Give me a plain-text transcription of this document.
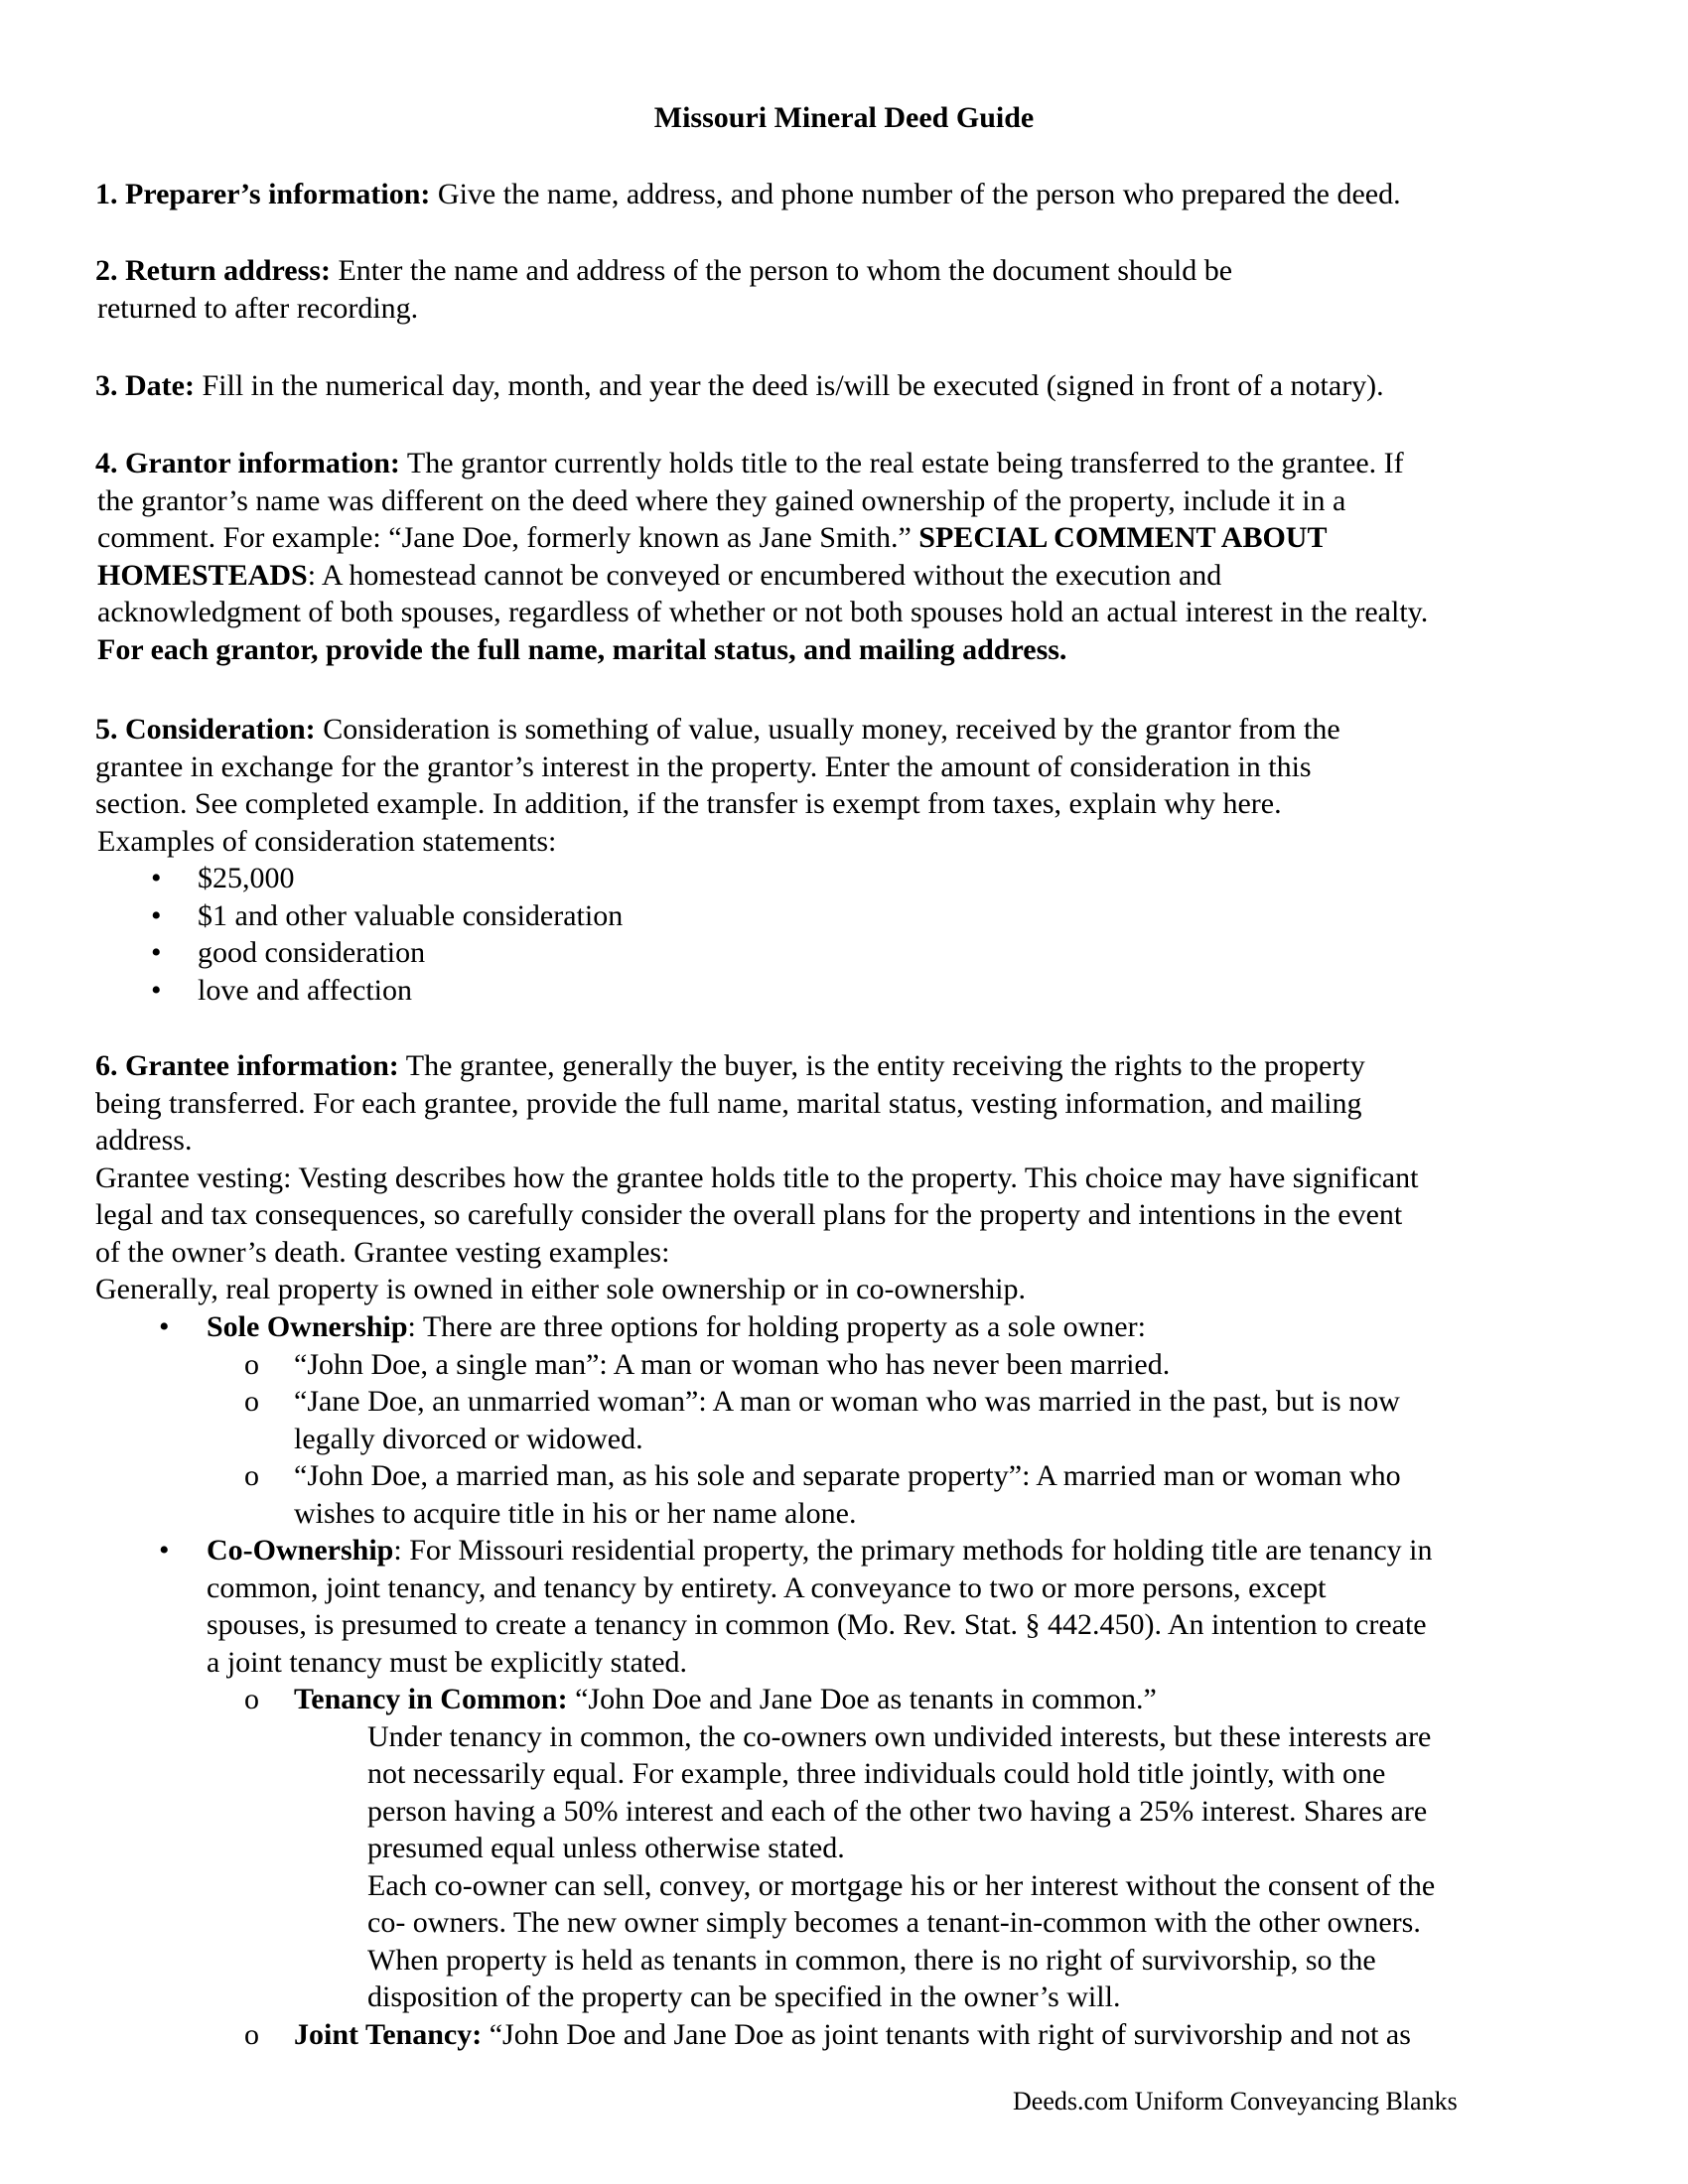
Missouri Mineral Deed Guide
1. Preparer’s information: Give the name, address, and phone number of the person who prepared the deed.
2. Return address: Enter the name and address of the person to whom the document should be
returned to after recording.
3. Date: Fill in the numerical day, month, and year the deed is/will be executed (signed in front of a notary).
4. Grantor information: The grantor currently holds title to the real estate being transferred to the grantee. If
the grantor’s name was different on the deed where they gained ownership of the property, include it in a
comment. For example: “Jane Doe, formerly known as Jane Smith.” SPECIAL COMMENT ABOUT
HOMESTEADS: A homestead cannot be conveyed or encumbered without the execution and
acknowledgment of both spouses, regardless of whether or not both spouses hold an actual interest in the realty.
For each grantor, provide the full name, marital status, and mailing address.
5. Consideration: Consideration is something of value, usually money, received by the grantor from the
grantee in exchange for the grantor’s interest in the property. Enter the amount of consideration in this
section. See completed example. In addition, if the transfer is exempt from taxes, explain why here.
Examples of consideration statements:
•	$25,000
•	$1 and other valuable consideration
•	good consideration
•	love and affection
6. Grantee information: The grantee, generally the buyer, is the entity receiving the rights to the property
being transferred. For each grantee, provide the full name, marital status, vesting information, and mailing
address.
Grantee vesting: Vesting describes how the grantee holds title to the property. This choice may have significant
legal and tax consequences, so carefully consider the overall plans for the property and intentions in the event
of the owner’s death. Grantee vesting examples:
Generally, real property is owned in either sole ownership or in co-ownership.
• Sole Ownership: There are three options for holding property as a sole owner:
o “John Doe, a single man”: A man or woman who has never been married.
o “Jane Doe, an unmarried woman”: A man or woman who was married in the past, but is now
legally divorced or widowed.
o “John Doe, a married man, as his sole and separate property”: A married man or woman who
wishes to acquire title in his or her name alone.
• Co-Ownership: For Missouri residential property, the primary methods for holding title are tenancy in
common, joint tenancy, and tenancy by entirety. A conveyance to two or more persons, except
spouses, is presumed to create a tenancy in common (Mo. Rev. Stat. § 442.450). An intention to create
a joint tenancy must be explicitly stated.
o Tenancy in Common: “John Doe and Jane Doe as tenants in common.”
Under tenancy in common, the co-owners own undivided interests, but these interests are
not necessarily equal. For example, three individuals could hold title jointly, with one
person having a 50% interest and each of the other two having a 25% interest. Shares are
presumed equal unless otherwise stated.
Each co-owner can sell, convey, or mortgage his or her interest without the consent of the
co- owners. The new owner simply becomes a tenant-in-common with the other owners.
When property is held as tenants in common, there is no right of survivorship, so the
disposition of the property can be specified in the owner’s will.
o Joint Tenancy: “John Doe and Jane Doe as joint tenants with right of survivorship and not as
Deeds.com Uniform Conveyancing Blanks
